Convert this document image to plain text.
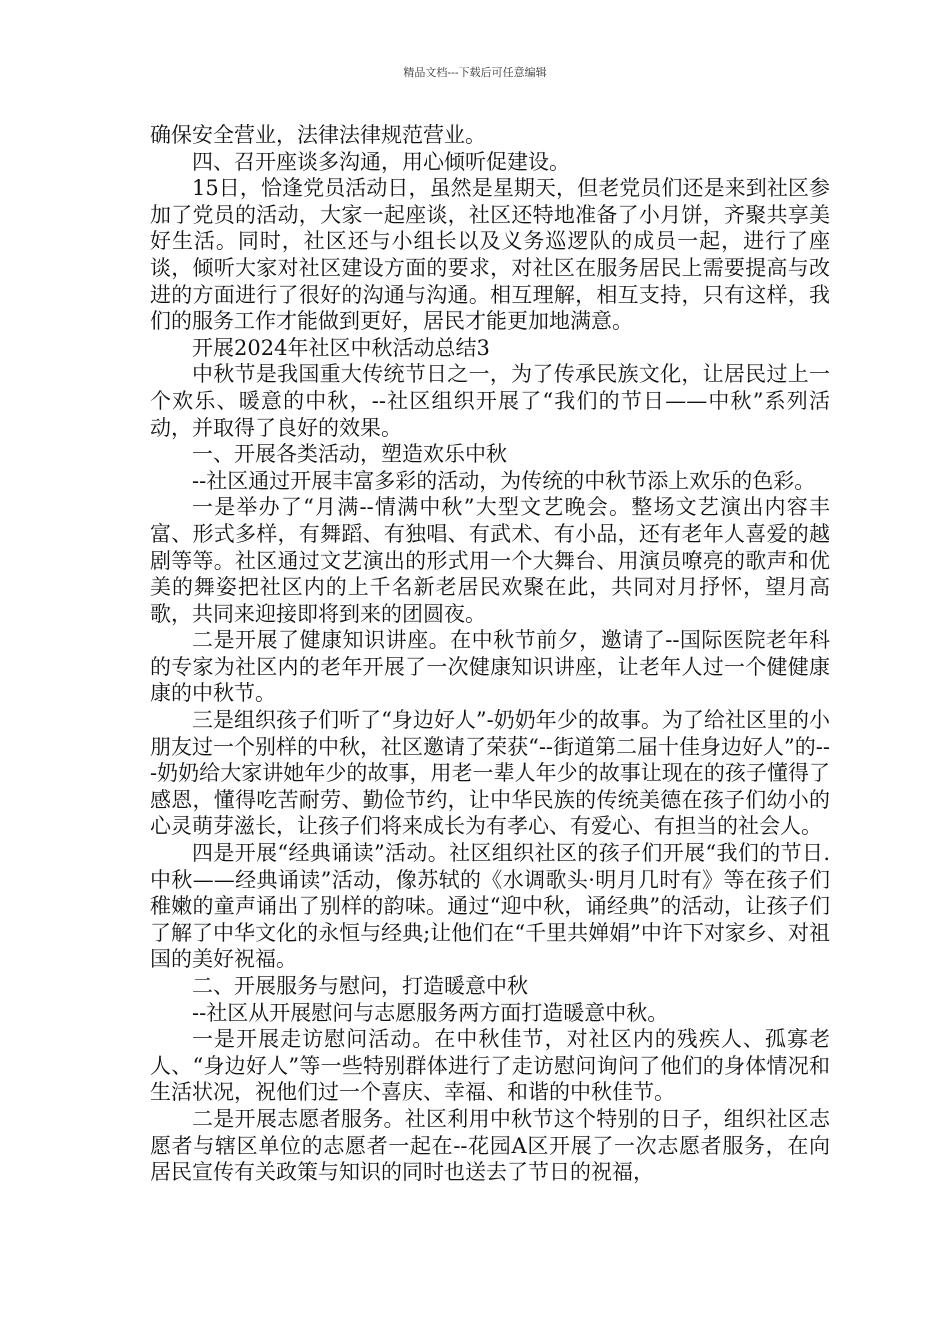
精品文档---下载后可任意编辑

确保安全营业，法律法律规范营业。

四、召开座谈多沟通，用心倾听促建设。

15日，恰逢党员活动日，虽然是星期天，但老党员们还是来到社区参加了党员的活动，大家一起座谈，社区还特地准备了小月饼，齐聚共享美好生活。同时，社区还与小组长以及义务巡逻队的成员一起，进行了座谈，倾听大家对社区建设方面的要求，对社区在服务居民上需要提高与改进的方面进行了很好的沟通与沟通。相互理解，相互支持，只有这样，我们的服务工作才能做到更好，居民才能更加地满意。

开展2024年社区中秋活动总结3

中秋节是我国重大传统节日之一，为了传承民族文化，让居民过上一个欢乐、暖意的中秋，--社区组织开展了“我们的节日——中秋”系列活动，并取得了良好的效果。

一、开展各类活动，塑造欢乐中秋

--社区通过开展丰富多彩的活动，为传统的中秋节添上欢乐的色彩。

一是举办了“月满--情满中秋”大型文艺晚会。整场文艺演出内容丰富、形式多样，有舞蹈、有独唱、有武术、有小品，还有老年人喜爱的越剧等等。社区通过文艺演出的形式用一个大舞台、用演员嘹亮的歌声和优美的舞姿把社区内的上千名新老居民欢聚在此，共同对月抒怀，望月高歌，共同来迎接即将到来的团圆夜。

二是开展了健康知识讲座。在中秋节前夕，邀请了--国际医院老年科的专家为社区内的老年开展了一次健康知识讲座，让老年人过一个健健康康的中秋节。

三是组织孩子们听了“身边好人”-奶奶年少的故事。为了给社区里的小朋友过一个别样的中秋，社区邀请了荣获“--街道第二届十佳身边好人”的---奶奶给大家讲她年少的故事，用老一辈人年少的故事让现在的孩子懂得了感恩，懂得吃苦耐劳、勤俭节约，让中华民族的传统美德在孩子们幼小的心灵萌芽滋长，让孩子们将来成长为有孝心、有爱心、有担当的社会人。

四是开展“经典诵读”活动。社区组织社区的孩子们开展“我们的节日.中秋——经典诵读”活动，像苏轼的《水调歌头·明月几时有》等在孩子们稚嫩的童声诵出了别样的韵味。通过“迎中秋，诵经典”的活动，让孩子们了解了中华文化的永恒与经典;让他们在“千里共婵娟”中许下对家乡、对祖国的美好祝福。

二、开展服务与慰问，打造暖意中秋

--社区从开展慰问与志愿服务两方面打造暖意中秋。

一是开展走访慰问活动。在中秋佳节，对社区内的残疾人、孤寡老人、“身边好人”等一些特别群体进行了走访慰问询问了他们的身体情况和生活状况，祝他们过一个喜庆、幸福、和谐的中秋佳节。

二是开展志愿者服务。社区利用中秋节这个特别的日子，组织社区志愿者与辖区单位的志愿者一起在--花园A区开展了一次志愿者服务，在向居民宣传有关政策与知识的同时也送去了节日的祝福，
